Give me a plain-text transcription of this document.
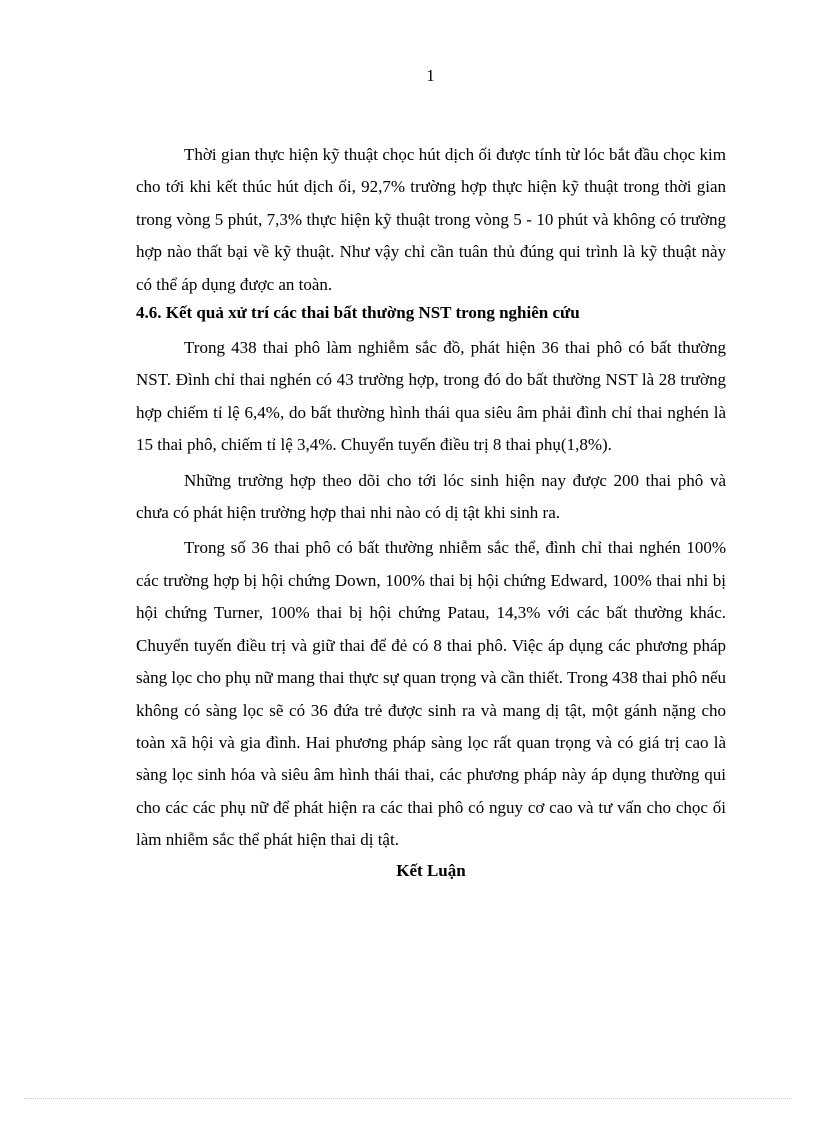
1

Thời gian thực hiện kỹ thuật chọc hút dịch ối được tính từ lóc bắt đầu chọc kim cho tới khi kết thúc hút dịch ối, 92,7% trường hợp thực hiện kỹ thuật trong thời gian trong vòng 5 phút, 7,3% thực hiện kỹ thuật trong vòng 5 - 10 phút và không có trường hợp nào thất bại về kỹ thuật. Như vậy chỉ cần tuân thủ đúng qui trình là kỹ thuật này có thể áp dụng được an toàn.

4.6. Kết quả xử trí các thai bất thường NST trong nghiên cứu

Trong 438 thai phô làm nghiễm sắc đồ, phát hiện 36 thai phô có bất thường NST. Đình chỉ thai nghén có 43 trường hợp, trong đó do bất thường NST là 28 trường hợp chiếm tỉ lệ 6,4%, do bất thường hình thái qua siêu âm phải đình chỉ thai nghén là 15 thai phô, chiếm tỉ lệ 3,4%. Chuyển tuyến điều trị 8 thai phụ(1,8%).

Những trường hợp theo dõi cho tới lóc sinh hiện nay được 200 thai phô và chưa có phát hiện trường hợp thai nhi nào có dị tật khi sinh ra.

Trong số 36 thai phô có bất thường nhiễm sắc thể, đình chỉ thai nghén 100% các trường hợp bị hội chứng Down, 100% thai bị hội chứng Edward, 100% thai nhi bị hội chứng Turner, 100% thai bị hội chứng Patau, 14,3% với các bất thường khác. Chuyển tuyến điều trị và giữ thai để đẻ có 8 thai phô. Việc áp dụng các phương pháp sàng lọc cho phụ nữ mang thai thực sự quan trọng và cần thiết. Trong 438 thai phô nếu không có sàng lọc sẽ có 36 đứa trẻ được sinh ra và mang dị tật, một gánh nặng cho toàn xã hội và gia đình. Hai phương pháp sàng lọc rất quan trọng và có giá trị cao là sàng lọc sinh hóa và siêu âm hình thái thai, các phương pháp này áp dụng thường qui cho các các phụ nữ để phát hiện ra các thai phô có nguy cơ cao và tư vấn cho chọc ối làm nhiễm sắc thể phát hiện thai dị tật.

Kết Luận
